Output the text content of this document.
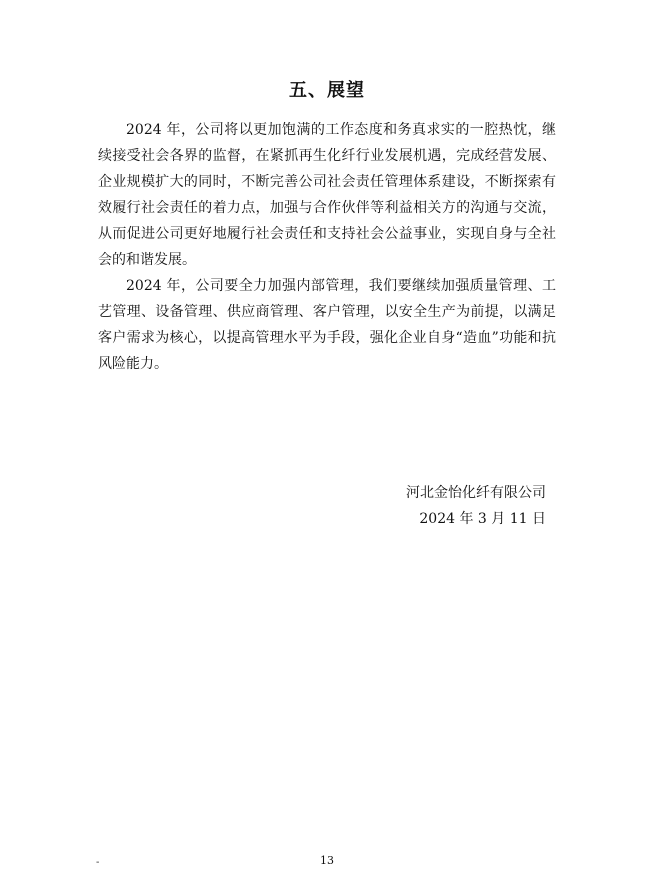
五、展望

2024 年，公司将以更加饱满的工作态度和务真求实的一腔热忱，继续接受社会各界的监督，在紧抓再生化纤行业发展机遇，完成经营发展、企业规模扩大的同时，不断完善公司社会责任管理体系建设，不断探索有效履行社会责任的着力点，加强与合作伙伴等利益相关方的沟通与交流，从而促进公司更好地履行社会责任和支持社会公益事业，实现自身与全社会的和谐发展。

2024 年，公司要全力加强内部管理，我们要继续加强质量管理、工艺管理、设备管理、供应商管理、客户管理，以安全生产为前提，以满足客户需求为核心，以提高管理水平为手段，强化企业自身“造血”功能和抗风险能力。

河北金怡化纤有限公司
2024 年 3 月 11 日
-	13
